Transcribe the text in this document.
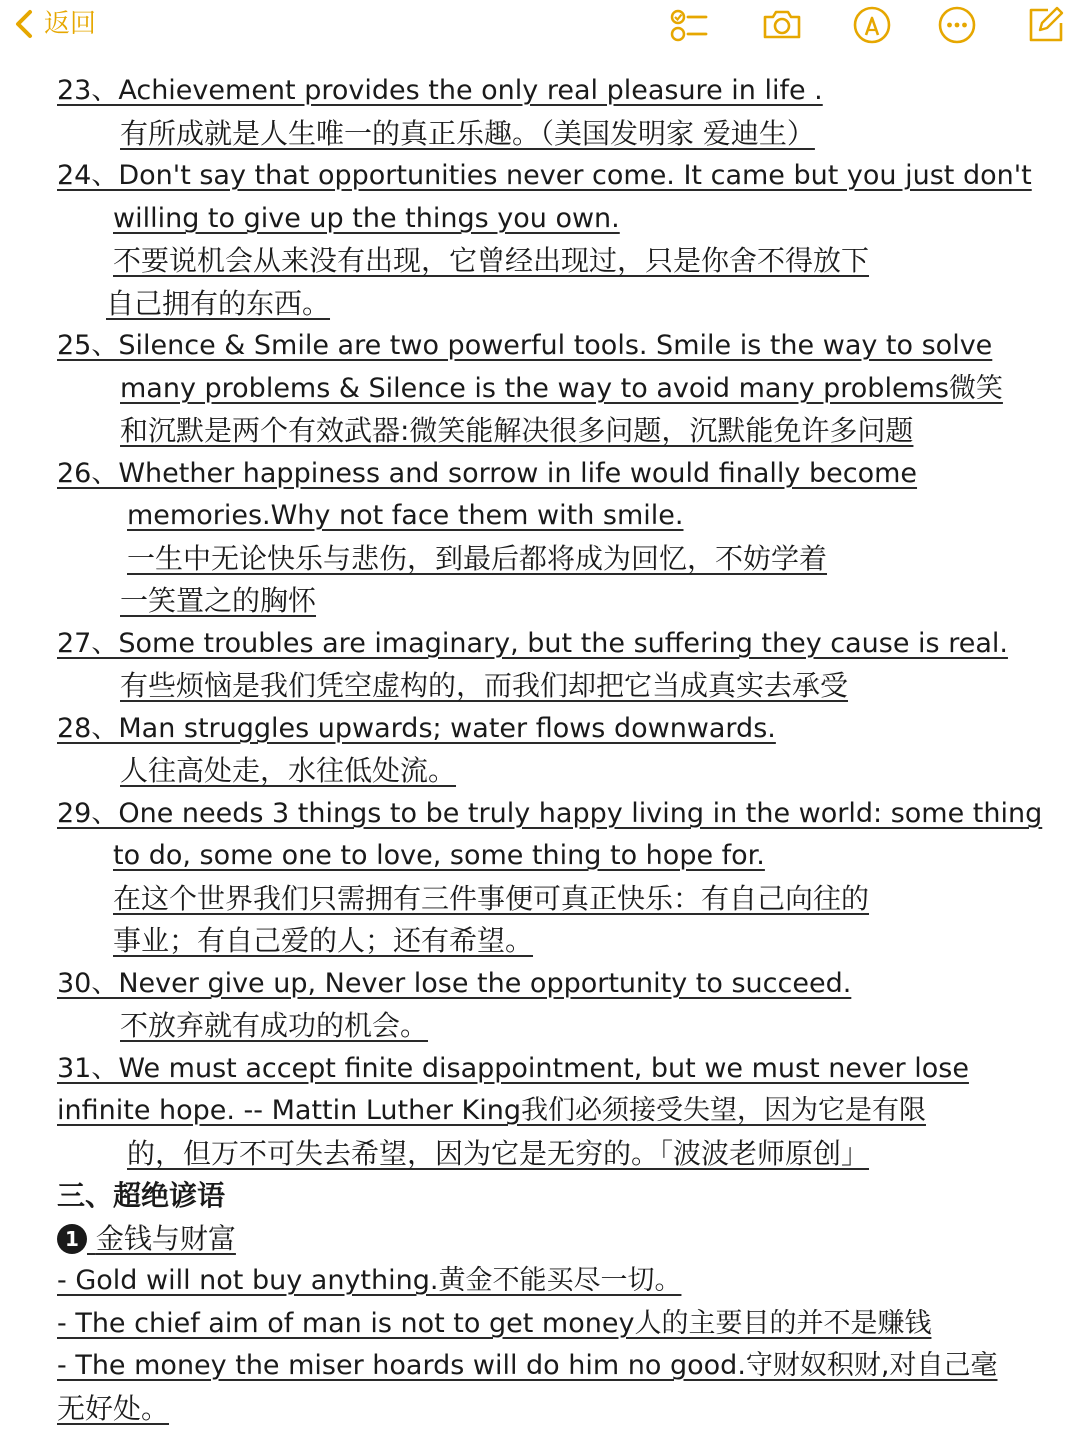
23、Achievement provides the only real pleasure in life .
有所成就是人生唯一的真正乐趣。（美国发明家 爱迪生）
24、Don't say that opportunities never come. It came but you just don't
willing to give up the things you own.
不要说机会从来没有出现，它曾经出现过，只是你舍不得放下
自己拥有的东西。
25、Silence & Smile are two powerful tools. Smile is the way to solve
many problems & Silence is the way to avoid many problems微笑
和沉默是两个有效武器:微笑能解决很多问题，沉默能免许多问题
26、Whether happiness and sorrow in life would finally become
memories.Why not face them with smile.
一生中无论快乐与悲伤，到最后都将成为回忆，不妨学着
一笑置之的胸怀
27、Some troubles are imaginary, but the suffering they cause is real.
有些烦恼是我们凭空虚构的，而我们却把它当成真实去承受
28、Man struggles upwards; water flows downwards.
人往高处走，水往低处流。
29、One needs 3 things to be truly happy living in the world: some thing
to do, some one to love, some thing to hope for.
在这个世界我们只需拥有三件事便可真正快乐：有自己向往的
事业；有自己爱的人；还有希望。
30、Never give up, Never lose the opportunity to succeed.
不放弃就有成功的机会。
31、We must accept finite disappointment, but we must never lose
infinite hope. -- Mattin Luther King我们必须接受失望，因为它是有限
的，但万不可失去希望，因为它是无穷的。「波波老师原创」
三、超绝谚语
1 金钱与财富
- Gold will not buy anything.黄金不能买尽一切。
- The chief aim of man is not to get money人的主要目的并不是赚钱
- The money the miser hoards will do him no good.守财奴积财,对自己毫
无好处。
返回
